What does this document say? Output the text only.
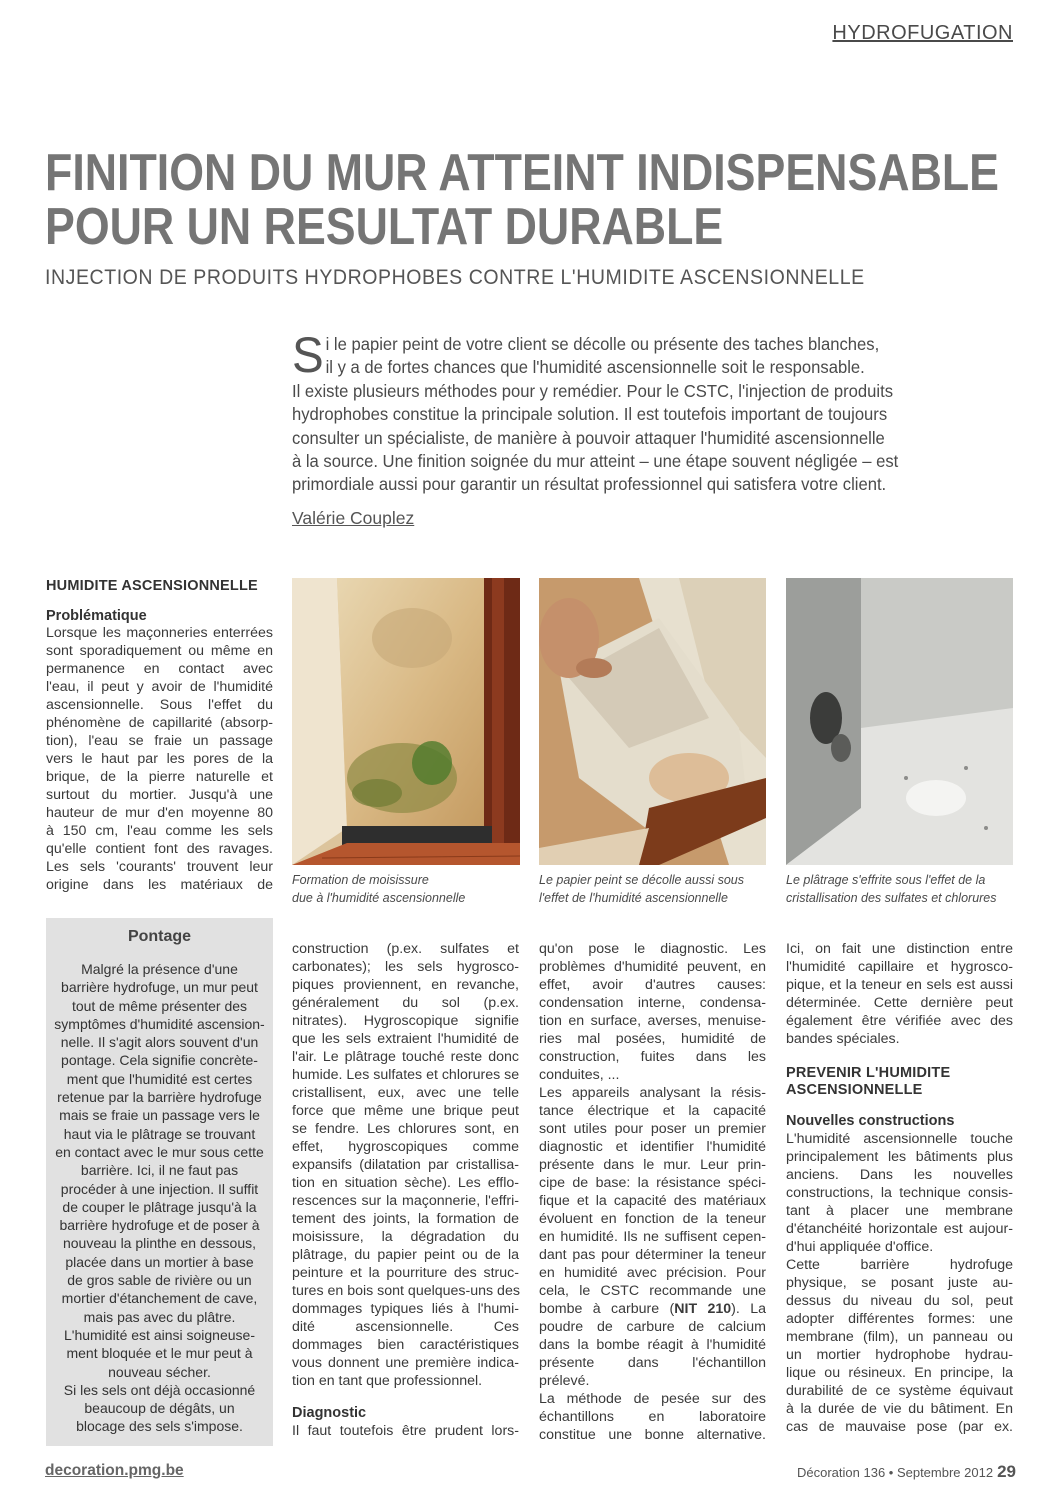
HYDROFUGATION
FINITION DU MUR ATTEINT INDISPENSABLE
POUR UN RESULTAT DURABLE
INJECTION DE PRODUITS HYDROPHOBES CONTRE L'HUMIDITE ASCENSIONNELLE
S i le papier peint de votre client se décolle ou présente des taches blanches,
il y a de fortes chances que l'humidité ascensionnelle soit le responsable.
Il existe plusieurs méthodes pour y remédier. Pour le CSTC, l'injection de produits
hydrophobes constitue la principale solution. Il est toutefois important de toujours
consulter un spécialiste, de manière à pouvoir attaquer l'humidité ascensionnelle
à la source. Une finition soignée du mur atteint – une étape souvent négligée – est
primordiale aussi pour garantir un résultat professionnel qui satisfera votre client.
Valérie Couplez
HUMIDITE ASCENSIONNELLE
Problématique
Lorsque les maçonneries enterrées
sont sporadiquement ou même en
permanence en contact avec
l'eau, il peut y avoir de l'humidité
ascensionnelle. Sous l'effet du
phénomène de capillarité (absorp-
tion), l'eau se fraie un passage
vers le haut par les pores de la
brique, de la pierre naturelle et
surtout du mortier. Jusqu'à une
hauteur de mur d'en moyenne 80
à 150 cm, l'eau comme les sels
qu'elle contient font des ravages.
Les sels 'courants' trouvent leur
origine dans les matériaux de Formation de moisissure
due à l'humidité ascensionnelle
Le papier peint se décolle aussi sous
l'effet de l'humidité ascensionnelle
Le plâtrage s'effrite sous l'effet de la
cristallisation des sulfates et chlorures
Pontage
Malgré la présence d'une
barrière hydrofuge, un mur peut
tout de même présenter des
symptômes d'humidité ascension-
nelle. Il s'agit alors souvent d'un
pontage. Cela signifie concrète-
ment que l'humidité est certes
retenue par la barrière hydrofuge
mais se fraie un passage vers le
haut via le plâtrage se trouvant
en contact avec le mur sous cette
barrière. Ici, il ne faut pas
procéder à une injection. Il suffit
de couper le plâtrage jusqu'à la
barrière hydrofuge et de poser à
nouveau la plinthe en dessous,
placée dans un mortier à base
de gros sable de rivière ou un
mortier d'étanchement de cave,
mais pas avec du plâtre.
L'humidité est ainsi soigneuse-
ment bloquée et le mur peut à
nouveau sécher.
Si les sels ont déjà occasionné
beaucoup de dégâts, un
blocage des sels s'impose.
construction (p.ex. sulfates et
carbonates); les sels hygrosco-
piques proviennent, en revanche,
généralement du sol (p.ex.
nitrates). Hygroscopique signifie
que les sels extraient l'humidité de
l'air. Le plâtrage touché reste donc
humide. Les sulfates et chlorures se
cristallisent, eux, avec une telle
force que même une brique peut
se fendre. Les chlorures sont, en
effet, hygroscopiques comme
expansifs (dilatation par cristallisa-
tion en situation sèche). Les efflo-
rescences sur la maçonnerie, l'effri-
tement des joints, la formation de
moisissure, la dégradation du
plâtrage, du papier peint ou de la
peinture et la pourriture des struc-
tures en bois sont quelques-uns des
dommages typiques liés à l'humi-
dité ascensionnelle. Ces
dommages bien caractéristiques
vous donnent une première indica-
tion en tant que professionnel.
Diagnostic
Il faut toutefois être prudent lors-
qu'on pose le diagnostic. Les
problèmes d'humidité peuvent, en
effet, avoir d'autres causes:
condensation interne, condensa-
tion en surface, averses, menuise-
ries mal posées, humidité de
construction, fuites dans les
conduites, ...
Les appareils analysant la résis-
tance électrique et la capacité
sont utiles pour poser un premier
diagnostic et identifier l'humidité
présente dans le mur. Leur prin-
cipe de base: la résistance spéci-
fique et la capacité des matériaux
évoluent en fonction de la teneur
en humidité. Ils ne suffisent cepen-
dant pas pour déterminer la teneur
en humidité avec précision. Pour
cela, le CSTC recommande une
bombe à carbure (NIT 210). La
poudre de carbure de calcium
dans la bombe réagit à l'humidité
présente dans l'échantillon
prélevé.
La méthode de pesée sur des
échantillons en laboratoire
constitue une bonne alternative.
Ici, on fait une distinction entre
l'humidité capillaire et hygrosco-
pique, et la teneur en sels est aussi
déterminée. Cette dernière peut
également être vérifiée avec des
bandes spéciales.
PREVENIR L'HUMIDITE
ASCENSIONNELLE
Nouvelles constructions
L'humidité ascensionnelle touche
principalement les bâtiments plus
anciens. Dans les nouvelles
constructions, la technique consis-
tant à placer une membrane
d'étanchéité horizontale est aujour-
d'hui appliquée d'office.
Cette barrière hydrofuge
physique, se posant juste au-
dessus du niveau du sol, peut
adopter différentes formes: une
membrane (film), un panneau ou
un mortier hydrophobe hydrau-
lique ou résineux. En principe, la
durabilité de ce système équivaut
à la durée de vie du bâtiment. En
cas de mauvaise pose (par ex.
decoration.pmg.be	Décoration 136 • Septembre 2012 29
